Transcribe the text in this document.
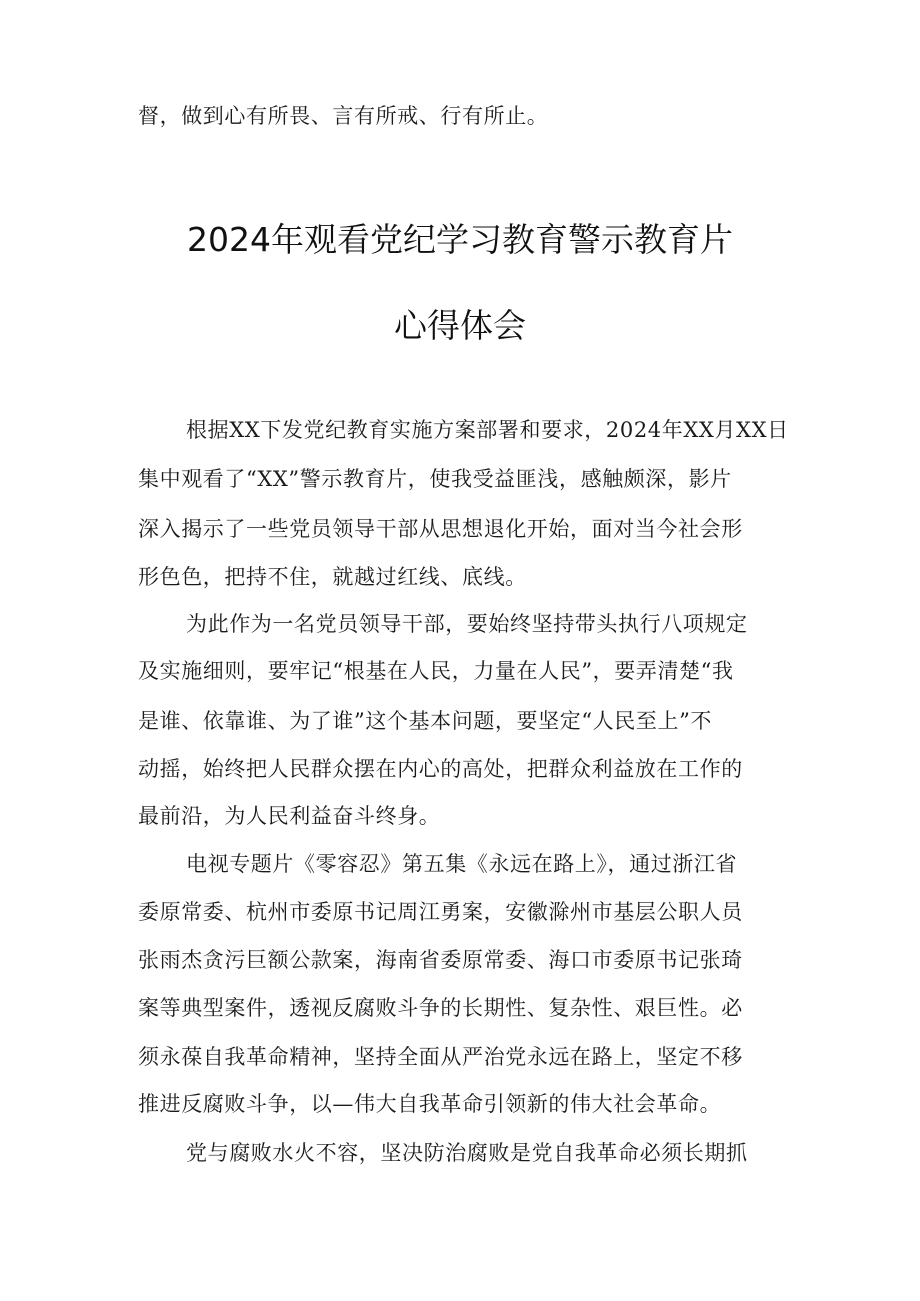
督，做到心有所畏、言有所戒、行有所止。
2024年观看党纪学习教育警示教育片
心得体会
根据XX下发党纪教育实施方案部署和要求，2024年XX月XX日
集中观看了“XX”警示教育片，使我受益匪浅，感触颇深，影片
深入揭示了一些党员领导干部从思想退化开始，面对当今社会形
形色色，把持不住，就越过红线、底线。
为此作为一名党员领导干部，要始终坚持带头执行八项规定
及实施细则，要牢记“根基在人民，力量在人民”，要弄清楚“我
是谁、依靠谁、为了谁”这个基本问题，要坚定“人民至上”不
动摇，始终把人民群众摆在内心的高处，把群众利益放在工作的
最前沿，为人民利益奋斗终身。
电视专题片《零容忍》第五集《永远在路上》，通过浙江省
委原常委、杭州市委原书记周江勇案，安徽滁州市基层公职人员
张雨杰贪污巨额公款案，海南省委原常委、海口市委原书记张琦
案等典型案件，透视反腐败斗争的长期性、复杂性、艰巨性。必
须永葆自我革命精神，坚持全面从严治党永远在路上，坚定不移
推进反腐败斗争，以—伟大自我革命引领新的伟大社会革命。
党与腐败水火不容，坚决防治腐败是党自我革命必须长期抓
